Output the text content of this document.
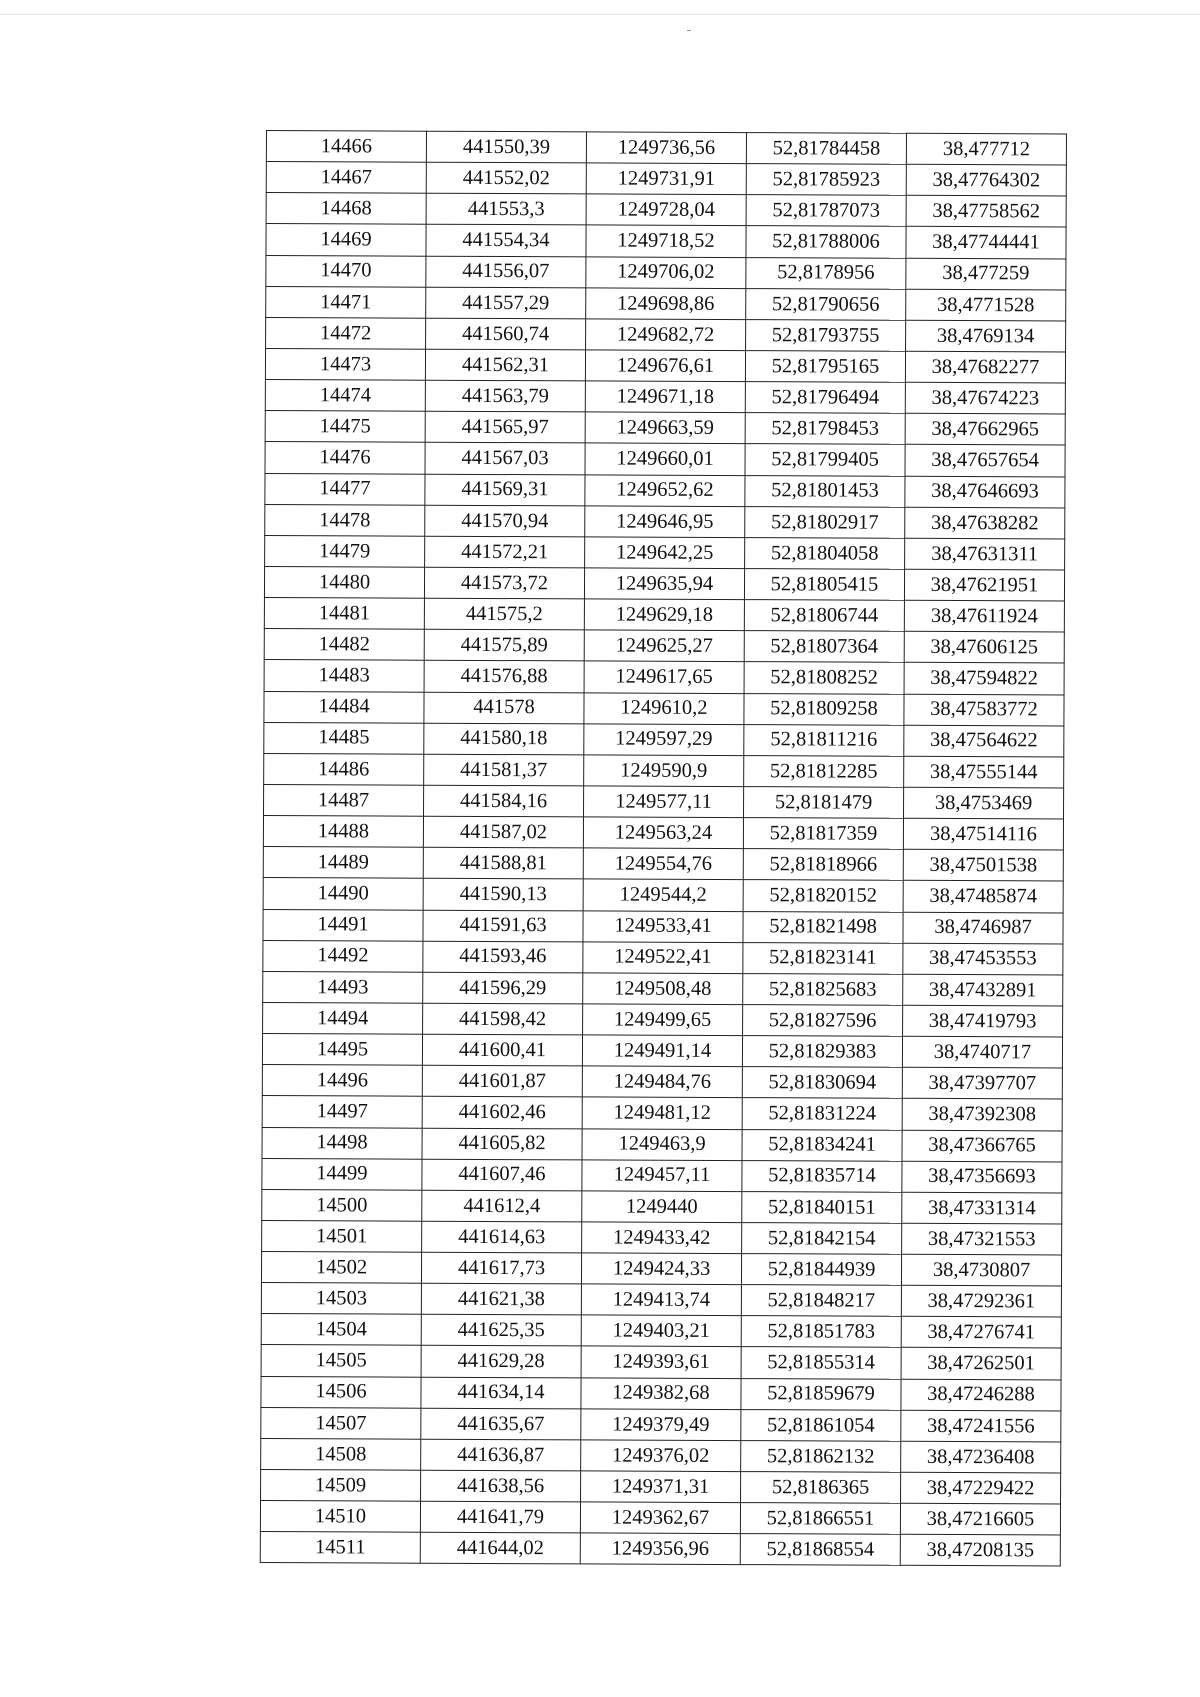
14466	441550,39	1249736,56	52,81784458	38,477712
14467	441552,02	1249731,91	52,81785923	38,47764302
14468	441553,3	1249728,04	52,81787073	38,47758562
14469	441554,34	1249718,52	52,81788006	38,47744441
14470	441556,07	1249706,02	52,8178956	38,477259
14471	441557,29	1249698,86	52,81790656	38,4771528
14472	441560,74	1249682,72	52,81793755	38,4769134
14473	441562,31	1249676,61	52,81795165	38,47682277
14474	441563,79	1249671,18	52,81796494	38,47674223
14475	441565,97	1249663,59	52,81798453	38,47662965
14476	441567,03	1249660,01	52,81799405	38,47657654
14477	441569,31	1249652,62	52,81801453	38,47646693
14478	441570,94	1249646,95	52,81802917	38,47638282
14479	441572,21	1249642,25	52,81804058	38,47631311
14480	441573,72	1249635,94	52,81805415	38,47621951
14481	441575,2	1249629,18	52,81806744	38,47611924
14482	441575,89	1249625,27	52,81807364	38,47606125
14483	441576,88	1249617,65	52,81808252	38,47594822
14484	441578	1249610,2	52,81809258	38,47583772
14485	441580,18	1249597,29	52,81811216	38,47564622
14486	441581,37	1249590,9	52,81812285	38,47555144
14487	441584,16	1249577,11	52,8181479	38,4753469
14488	441587,02	1249563,24	52,81817359	38,47514116
14489	441588,81	1249554,76	52,81818966	38,47501538
14490	441590,13	1249544,2	52,81820152	38,47485874
14491	441591,63	1249533,41	52,81821498	38,4746987
14492	441593,46	1249522,41	52,81823141	38,47453553
14493	441596,29	1249508,48	52,81825683	38,47432891
14494	441598,42	1249499,65	52,81827596	38,47419793
14495	441600,41	1249491,14	52,81829383	38,4740717
14496	441601,87	1249484,76	52,81830694	38,47397707
14497	441602,46	1249481,12	52,81831224	38,47392308
14498	441605,82	1249463,9	52,81834241	38,47366765
14499	441607,46	1249457,11	52,81835714	38,47356693
14500	441612,4	1249440	52,81840151	38,47331314
14501	441614,63	1249433,42	52,81842154	38,47321553
14502	441617,73	1249424,33	52,81844939	38,4730807
14503	441621,38	1249413,74	52,81848217	38,47292361
14504	441625,35	1249403,21	52,81851783	38,47276741
14505	441629,28	1249393,61	52,81855314	38,47262501
14506	441634,14	1249382,68	52,81859679	38,47246288
14507	441635,67	1249379,49	52,81861054	38,47241556
14508	441636,87	1249376,02	52,81862132	38,47236408
14509	441638,56	1249371,31	52,8186365	38,47229422
14510	441641,79	1249362,67	52,81866551	38,47216605
14511	441644,02	1249356,96	52,81868554	38,47208135
